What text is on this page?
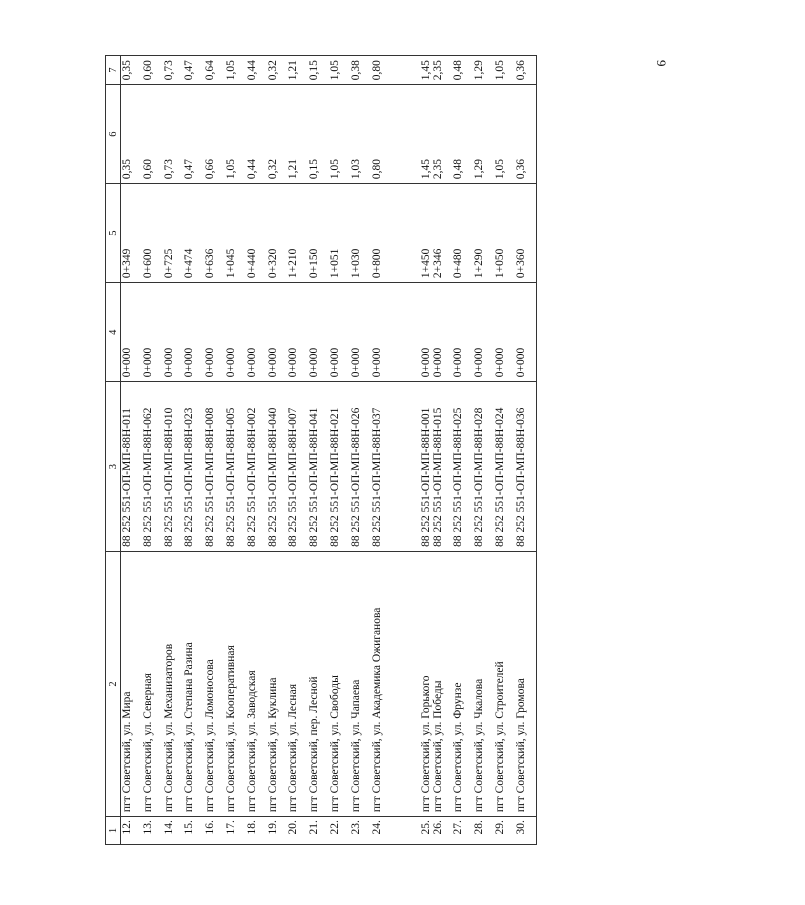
1	2	3	4	5	6	7
12.	пгт Советский, ул. Мира	88 252 551-ОП-МП-88Н-011	0+000	0+349	0,35	0,35
13.	пгт Советский, ул. Северная	88 252 551-ОП-МП-88Н-062	0+000	0+600	0,60	0,60
14.	пгт Советский, ул. Механизаторов	88 252 551-ОП-МП-88Н-010	0+000	0+725	0,73	0,73
15.	пгт Советский, ул. Степана Разина	88 252 551-ОП-МП-88Н-023	0+000	0+474	0,47	0,47
16.	пгт Советский, ул. Ломоносова	88 252 551-ОП-МП-88Н-008	0+000	0+636	0,66	0,64
17.	пгт Советский, ул. Кооперативная	88 252 551-ОП-МП-88Н-005	0+000	1+045	1,05	1,05
18.	пгт Советский, ул. Заводская	88 252 551-ОП-МП-88Н-002	0+000	0+440	0,44	0,44
19.	пгт Советский, ул. Куклина	88 252 551-ОП-МП-88Н-040	0+000	0+320	0,32	0,32
20.	пгт Советский, ул. Лесная	88 252 551-ОП-МП-88Н-007	0+000	1+210	1,21	1,21
21.	пгт Советский, пер. Лесной	88 252 551-ОП-МП-88Н-041	0+000	0+150	0,15	0,15
22.	пгт Советский, ул. Свободы	88 252 551-ОП-МП-88Н-021	0+000	1+051	1,05	1,05
23.	пгт Советский, ул. Чапаева	88 252 551-ОП-МП-88Н-026	0+000	1+030	1,03	0,38
24.	пгт Советский, ул. Академика Ожиганова	88 252 551-ОП-МП-88Н-037	0+000	0+800	0,80	0,80
25.	пгт Советский, ул. Горького	88 252 551-ОП-МП-88Н-001	0+000	1+450	1,45	1,45
26.	пгт Советский, ул. Победы	88 252 551-ОП-МП-88Н-015	0+000	2+346	2,35	2,35
27.	пгт Советский, ул. Фрунзе	88 252 551-ОП-МП-88Н-025	0+000	0+480	0,48	0,48
28.	пгт Советский, ул. Чкалова	88 252 551-ОП-МП-88Н-028	0+000	1+290	1,29	1,29
29.	пгт Советский, ул. Строителей	88 252 551-ОП-МП-88Н-024	0+000	1+050	1,05	1,05
30.	пгт Советский, ул. Громова	88 252 551-ОП-МП-88Н-036	0+000	0+360	0,36	0,36	9
